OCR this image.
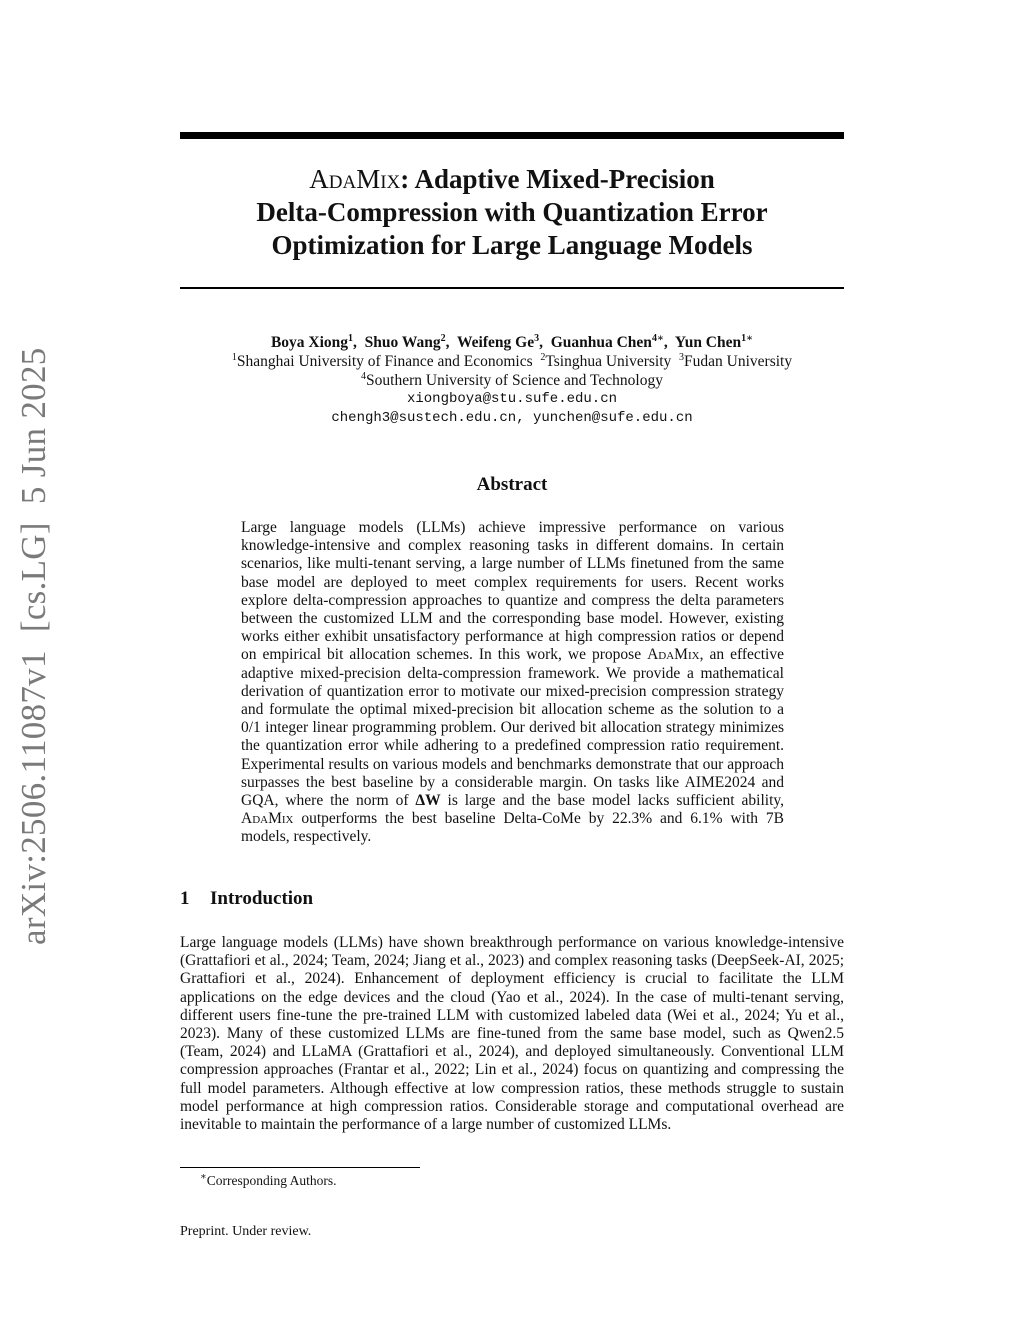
arXiv:2506.11087v1  [cs.LG]  5 Jun 2025
AdaMix: Adaptive Mixed-Precision
Delta-Compression with Quantization Error
Optimization for Large Language Models
Boya Xiong$^1$,  Shuo Wang$^2$,  Weifeng Ge$^3$,  Guanhua Chen$^{4∗}$,  Yun Chen$^{1∗}$
$^1$Shanghai University of Finance and Economics $^2$Tsinghua University $^3$Fudan University
$^4$Southern University of Science and Technology
xiongboya@stu.sufe.edu.cn
chengh3@sustech.edu.cn, yunchen@sufe.edu.cn
Abstract
Large language models (LLMs) achieve impressive performance on various knowledge-intensive and complex reasoning tasks in different domains. In certain scenarios, like multi-tenant serving, a large number of LLMs finetuned from the same base model are deployed to meet complex requirements for users. Recent works explore delta-compression approaches to quantize and compress the delta parameters between the customized LLM and the corresponding base model. However, existing works either exhibit unsatisfactory performance at high compression ratios or depend on empirical bit allocation schemes. In this work, we propose AdaMix, an effective adaptive mixed-precision delta-compression framework. We provide a mathematical derivation of quantization error to motivate our mixed-precision compression strategy and formulate the optimal mixed-precision bit allocation scheme as the solution to a 0/1 integer linear programming problem. Our derived bit allocation strategy minimizes the quantization error while adhering to a predefined compression ratio requirement. Experimental results on various models and benchmarks demonstrate that our approach surpasses the best baseline by a considerable margin. On tasks like AIME2024 and GQA, where the norm of ΔW is large and the base model lacks sufficient ability, AdaMix outperforms the best baseline Delta-CoMe by 22.3% and 6.1% with 7B models, respectively.
1 Introduction
Large language models (LLMs) have shown breakthrough performance on various knowledge-intensive (Grattafiori et al., 2024; Team, 2024; Jiang et al., 2023) and complex reasoning tasks (DeepSeek-AI, 2025; Grattafiori et al., 2024). Enhancement of deployment efficiency is crucial to facilitate the LLM applications on the edge devices and the cloud (Yao et al., 2024). In the case of multi-tenant serving, different users fine-tune the pre-trained LLM with customized labeled data (Wei et al., 2024; Yu et al., 2023). Many of these customized LLMs are fine-tuned from the same base model, such as Qwen2.5 (Team, 2024) and LLaMA (Grattafiori et al., 2024), and deployed simultaneously. Conventional LLM compression approaches (Frantar et al., 2022; Lin et al., 2024) focus on quantizing and compressing the full model parameters. Although effective at low compression ratios, these methods struggle to sustain model performance at high compression ratios. Considerable storage and computational overhead are inevitable to maintain the performance of a large number of customized LLMs.
∗Corresponding Authors.
Preprint. Under review.
